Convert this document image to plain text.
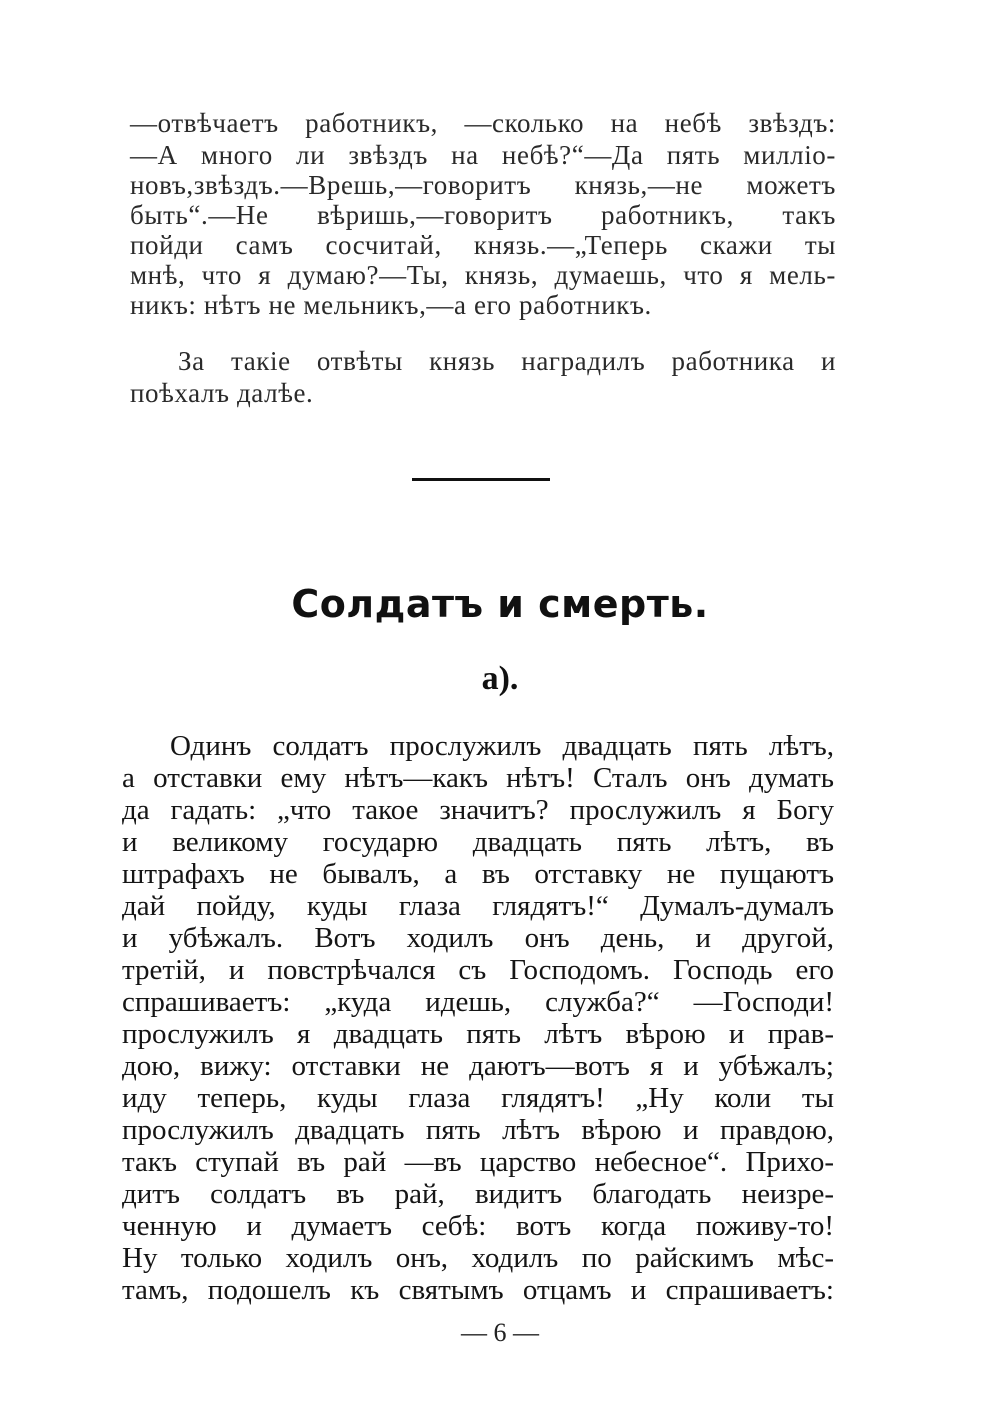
—отвѣчаетъ работникъ, —сколько на небѣ звѣздъ:
—А много ли звѣздъ на небѣ?“—Да пять милліо-
новъ,звѣздъ.—Врешь,—говоритъ князь,—не можетъ
быть“.—Не вѣришь,—говоритъ работникъ, такъ
пойди самъ сосчитай, князь.—„Теперь скажи ты
мнѣ, что я думаю?—Ты, князь, думаешь, что я мель-
никъ: нѣтъ не мельникъ,—а его работникъ.
За такіе отвѣты князь наградилъ работника и
поѣхалъ далѣе.
Солдатъ и смерть.
а).
Одинъ солдатъ прослужилъ двадцать пять лѣтъ,
а отставки ему нѣтъ—какъ нѣтъ! Сталъ онъ думать
да гадать: „что такое значитъ? прослужилъ я Богу
и великому государю двадцать пять лѣтъ, въ
штрафахъ не бывалъ, а въ отставку не пущаютъ
дай пойду, куды глаза глядятъ!“ Думалъ-думалъ
и убѣжалъ. Вотъ ходилъ онъ день, и другой,
третій, и повстрѣчался съ Господомъ. Господь его
спрашиваетъ: „куда идешь, служба?“ —Господи!
прослужилъ я двадцать пять лѣтъ вѣрою и прав-
дою, вижу: отставки не даютъ—вотъ я и убѣжалъ;
иду теперь, куды глаза глядятъ! „Ну коли ты
прослужилъ двадцать пять лѣтъ вѣрою и правдою,
такъ ступай въ рай —въ царство небесное“. Прихо-
дитъ солдатъ въ рай, видитъ благодать неизре-
ченную и думаетъ себѣ: вотъ когда поживу-то!
Ну только ходилъ онъ, ходилъ по райскимъ мѣс-
тамъ, подошелъ къ святымъ отцамъ и спрашиваетъ:
— 6 —
